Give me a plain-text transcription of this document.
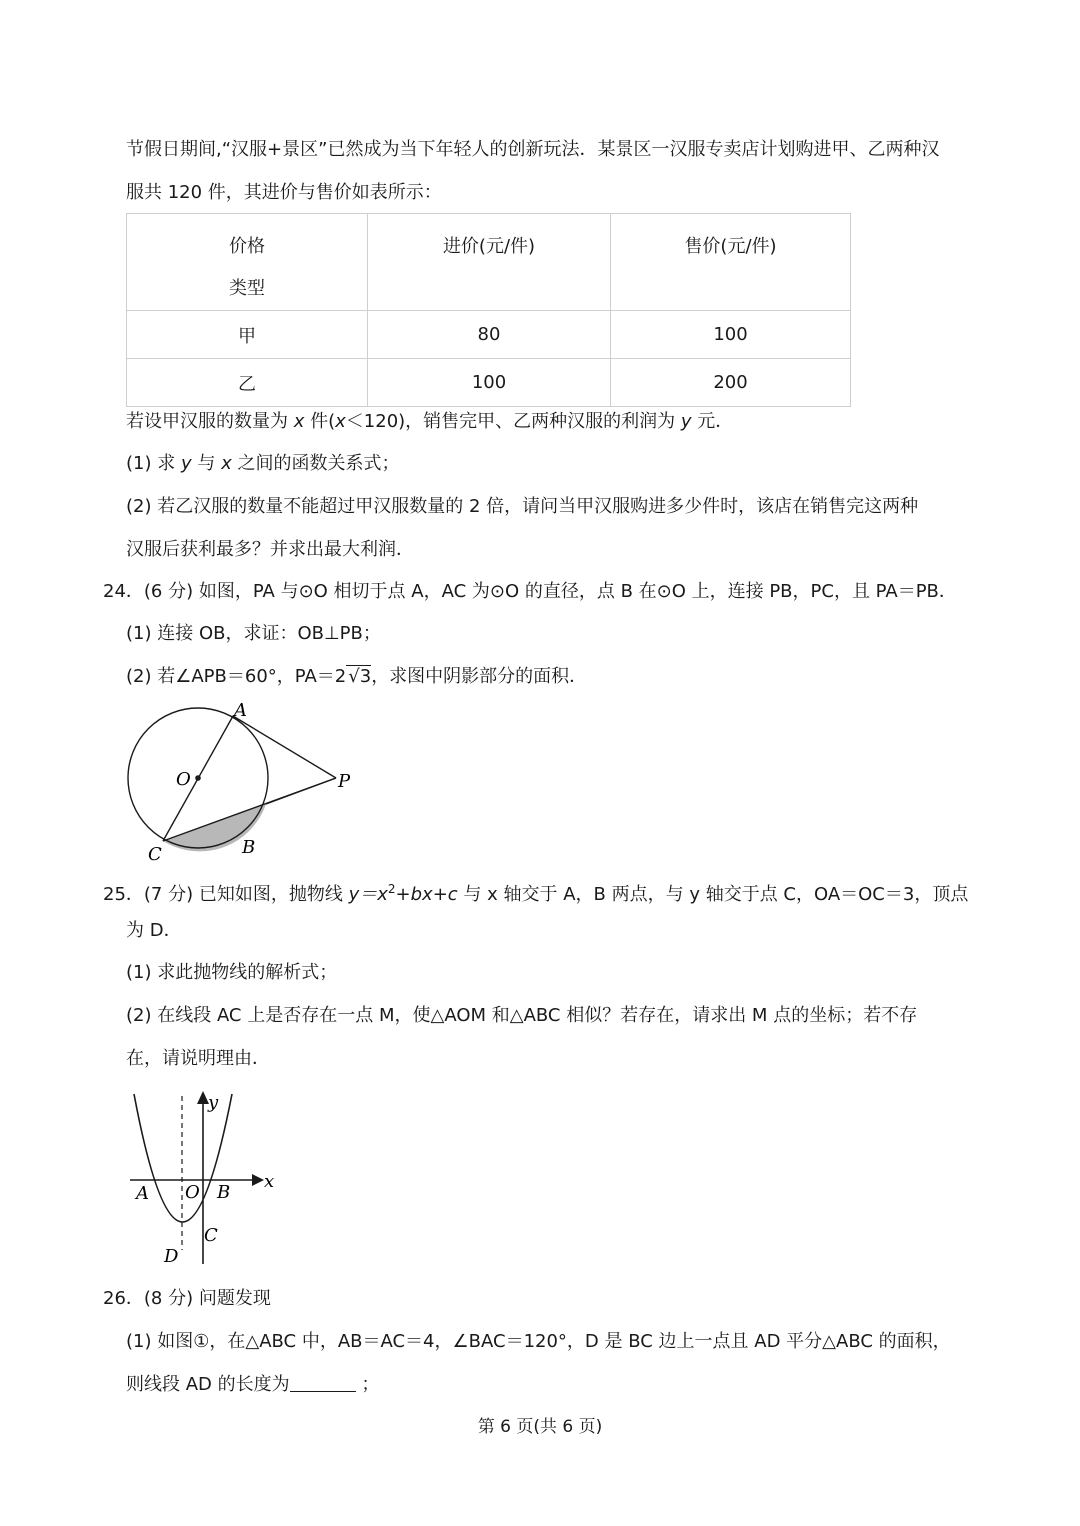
节假日期间,“汉服+景区”已然成为当下年轻人的创新玩法．某景区一汉服专卖店计划购进甲、乙两种汉
服共 120 件，其进价与售价如表所示：
价格
类型	进价(元/件)	售价(元/件)

甲	80	100
乙	100	200
若设甲汉服的数量为 x 件(x＜120)，销售完甲、乙两种汉服的利润为 y 元．
(1) 求 y 与 x 之间的函数关系式；
(2) 若乙汉服的数量不能超过甲汉服数量的 2 倍，请问当甲汉服购进多少件时，该店在销售完这两种
汉服后获利最多？并求出最大利润．
24．(6 分) 如图，PA 与⊙O 相切于点 A，AC 为⊙O 的直径，点 B 在⊙O 上，连接 PB，PC，且 PA＝PB．
(1) 连接 OB，求证：OB⊥PB；
(2) 若∠APB＝60°，PA＝2 √3，求图中阴影部分的面积．
A
O	P
B
C
25．(7 分) 已知如图，抛物线 $y=x^2+bx+c$ 与 x 轴交于 A，B 两点，与 y 轴交于点 C，OA＝OC＝3，顶点
为 D．
(1) 求此抛物线的解析式；
(2) 在线段 AC 上是否存在一点 M，使△AOM 和△ABC 相似？若存在，请求出 M 点的坐标；若不存
在，请说明理由．
y
x
A O B
C
D
26．(8 分) 问题发现
(1) 如图①，在△ABC 中，AB＝AC＝4，∠BAC＝120°，D 是 BC 边上一点且 AD 平分△ABC 的面积，
则线段 AD 的长度为	；
第 6 页(共 6 页)
